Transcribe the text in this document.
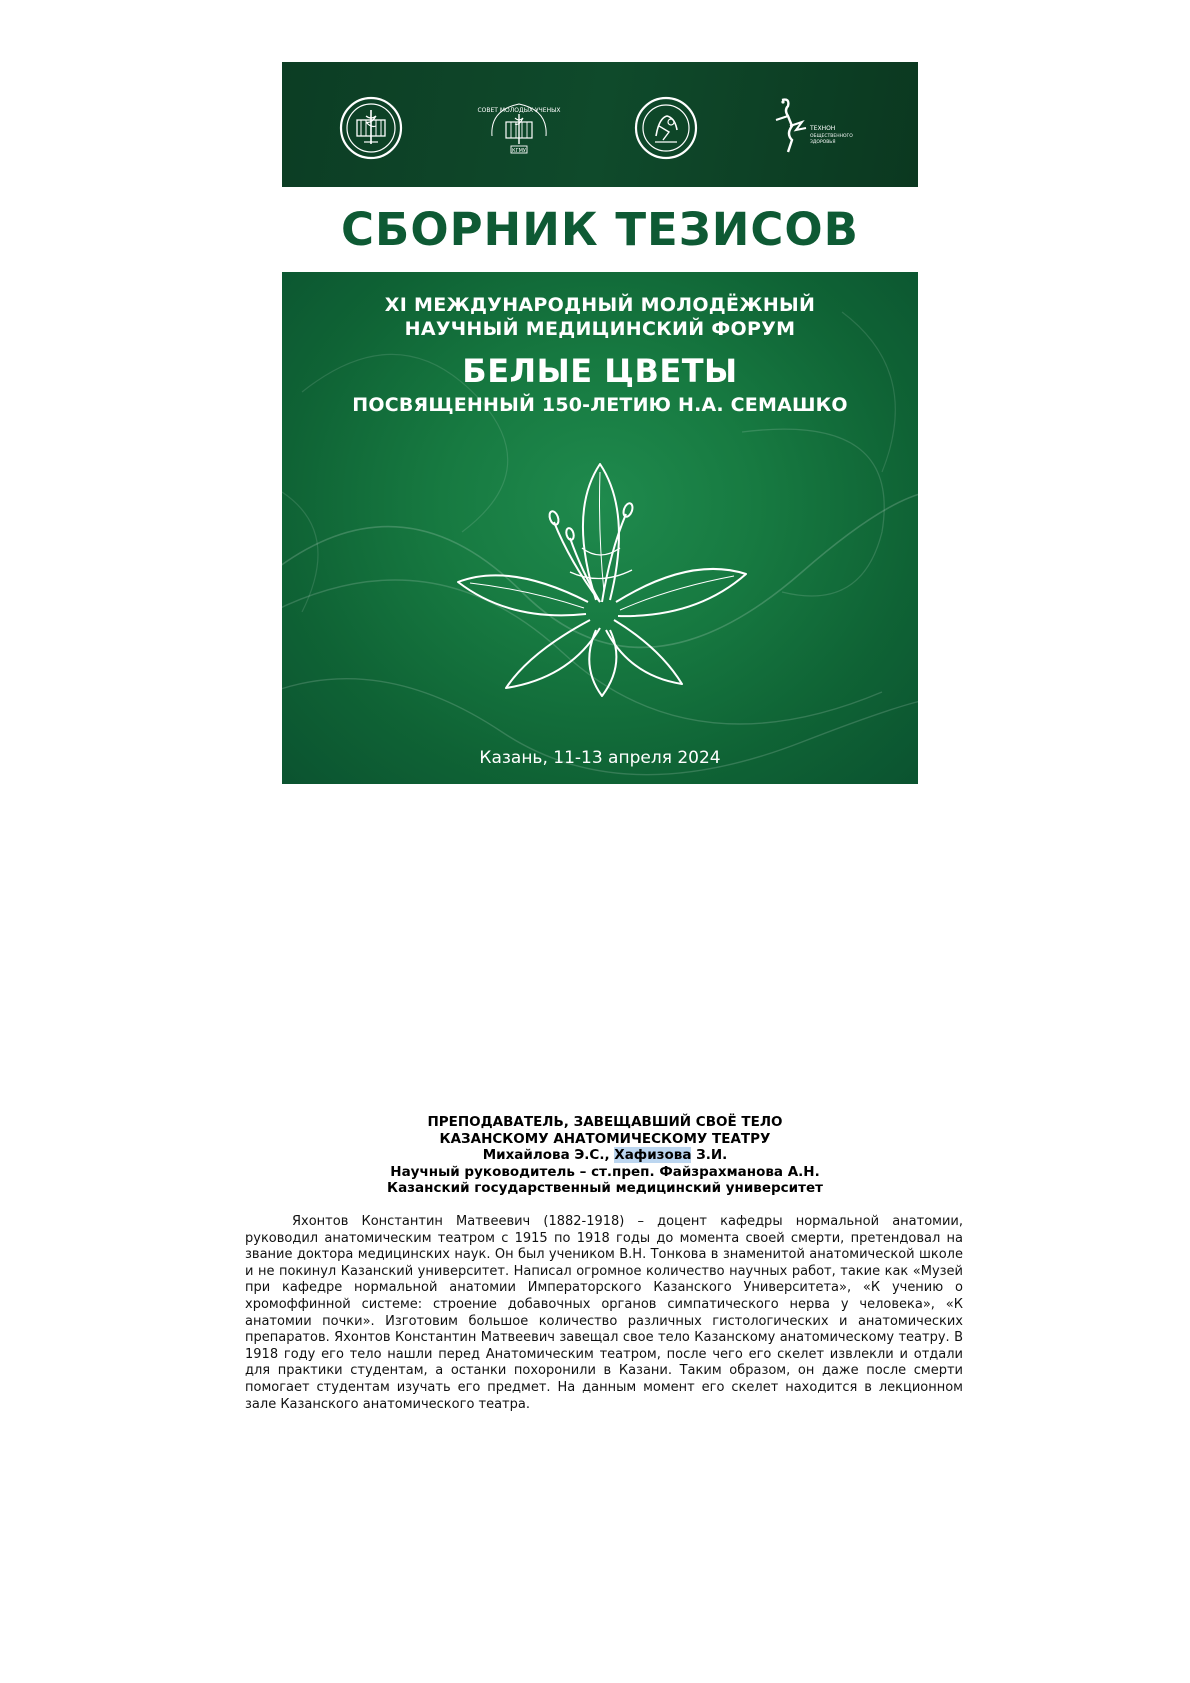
СОВЕТ МОЛОДЫХ УЧЕНЫХ
КГМУ
ТЕХНОН
ОБЩЕСТВЕННОГО
ЗДОРОВЬЯ
СБОРНИК ТЕЗИСОВ
XI МЕЖДУНАРОДНЫЙ МОЛОДЁЖНЫЙ
НАУЧНЫЙ МЕДИЦИНСКИЙ ФОРУМ
БЕЛЫЕ ЦВЕТЫ
ПОСВЯЩЕННЫЙ 150-ЛЕТИЮ Н.А. СЕМАШКО
Казань, 11-13 апреля 2024
ПРЕПОДАВАТЕЛЬ, ЗАВЕЩАВШИЙ СВОЁ ТЕЛО
КАЗАНСКОМУ АНАТОМИЧЕСКОМУ ТЕАТРУ
Михайлова Э.С., Хафизова З.И.
Научный руководитель – ст.преп. Файзрахманова А.Н.
Казанский государственный медицинский университет

Яхонтов Константин Матвеевич (1882-1918) – доцент кафедры нормальной анатомии, руководил анатомическим театром с 1915 по 1918 годы до момента своей смерти, претендовал на звание доктора медицинских наук. Он был учеником В.Н. Тонкова в знаменитой анатомической школе и не покинул Казанский университет. Написал огромное количество научных работ, такие как «Музей при кафедре нормальной анатомии Императорского Казанского Университета», «К учению о хромоффинной системе: строение добавочных органов симпатического нерва у человека», «К анатомии почки». Изготовим большое количество различных гистологических и анатомических препаратов. Яхонтов Константин Матвеевич завещал свое тело Казанскому анатомическому театру. В 1918 году его тело нашли перед Анатомическим театром, после чего его скелет извлекли и отдали для практики студентам, а останки похоронили в Казани. Таким образом, он даже после смерти помогает студентам изучать его предмет. На данным момент его скелет находится в лекционном зале Казанского анатомического театра.
